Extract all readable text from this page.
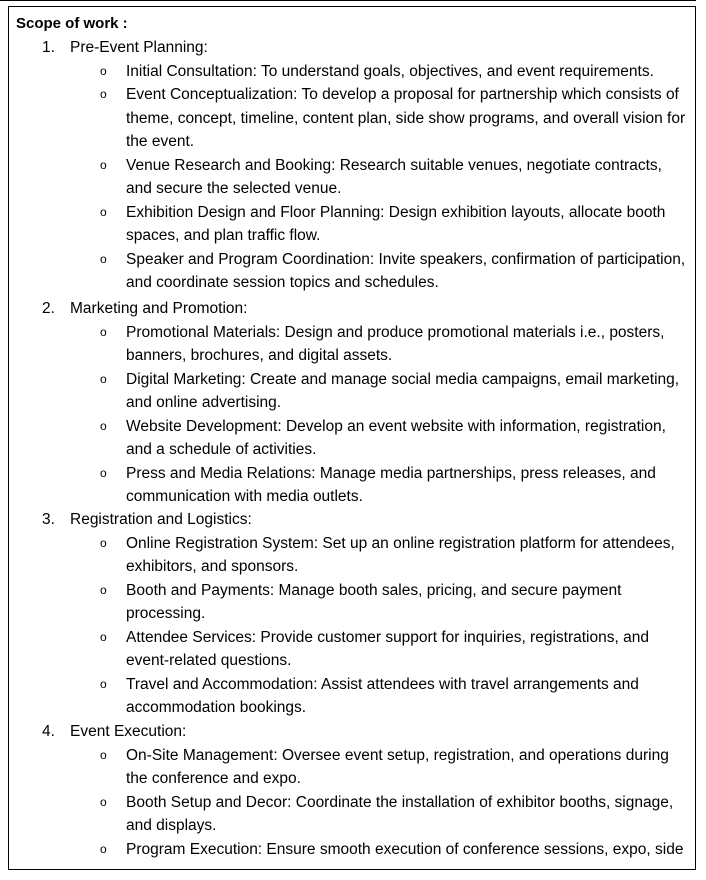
Scope of work :
1. Pre-Event Planning:
o Initial Consultation: To understand goals, objectives, and event requirements.
o Event Conceptualization: To develop a proposal for partnership which consists of theme, concept, timeline, content plan, side show programs, and overall vision for the event.
o Venue Research and Booking: Research suitable venues, negotiate contracts, and secure the selected venue.
o Exhibition Design and Floor Planning: Design exhibition layouts, allocate booth spaces, and plan traffic flow.
o Speaker and Program Coordination: Invite speakers, confirmation of participation, and coordinate session topics and schedules.
2. Marketing and Promotion:
o Promotional Materials: Design and produce promotional materials i.e., posters, banners, brochures, and digital assets.
o Digital Marketing: Create and manage social media campaigns, email marketing, and online advertising.
o Website Development: Develop an event website with information, registration, and a schedule of activities.
o Press and Media Relations: Manage media partnerships, press releases, and communication with media outlets.
3. Registration and Logistics:
o Online Registration System: Set up an online registration platform for attendees, exhibitors, and sponsors.
o Booth and Payments: Manage booth sales, pricing, and secure payment processing.
o Attendee Services: Provide customer support for inquiries, registrations, and event-related questions.
o Travel and Accommodation: Assist attendees with travel arrangements and accommodation bookings.
4. Event Execution:
o On-Site Management: Oversee event setup, registration, and operations during the conference and expo.
o Booth Setup and Decor: Coordinate the installation of exhibitor booths, signage, and displays.
o Program Execution: Ensure smooth execution of conference sessions, expo, side
